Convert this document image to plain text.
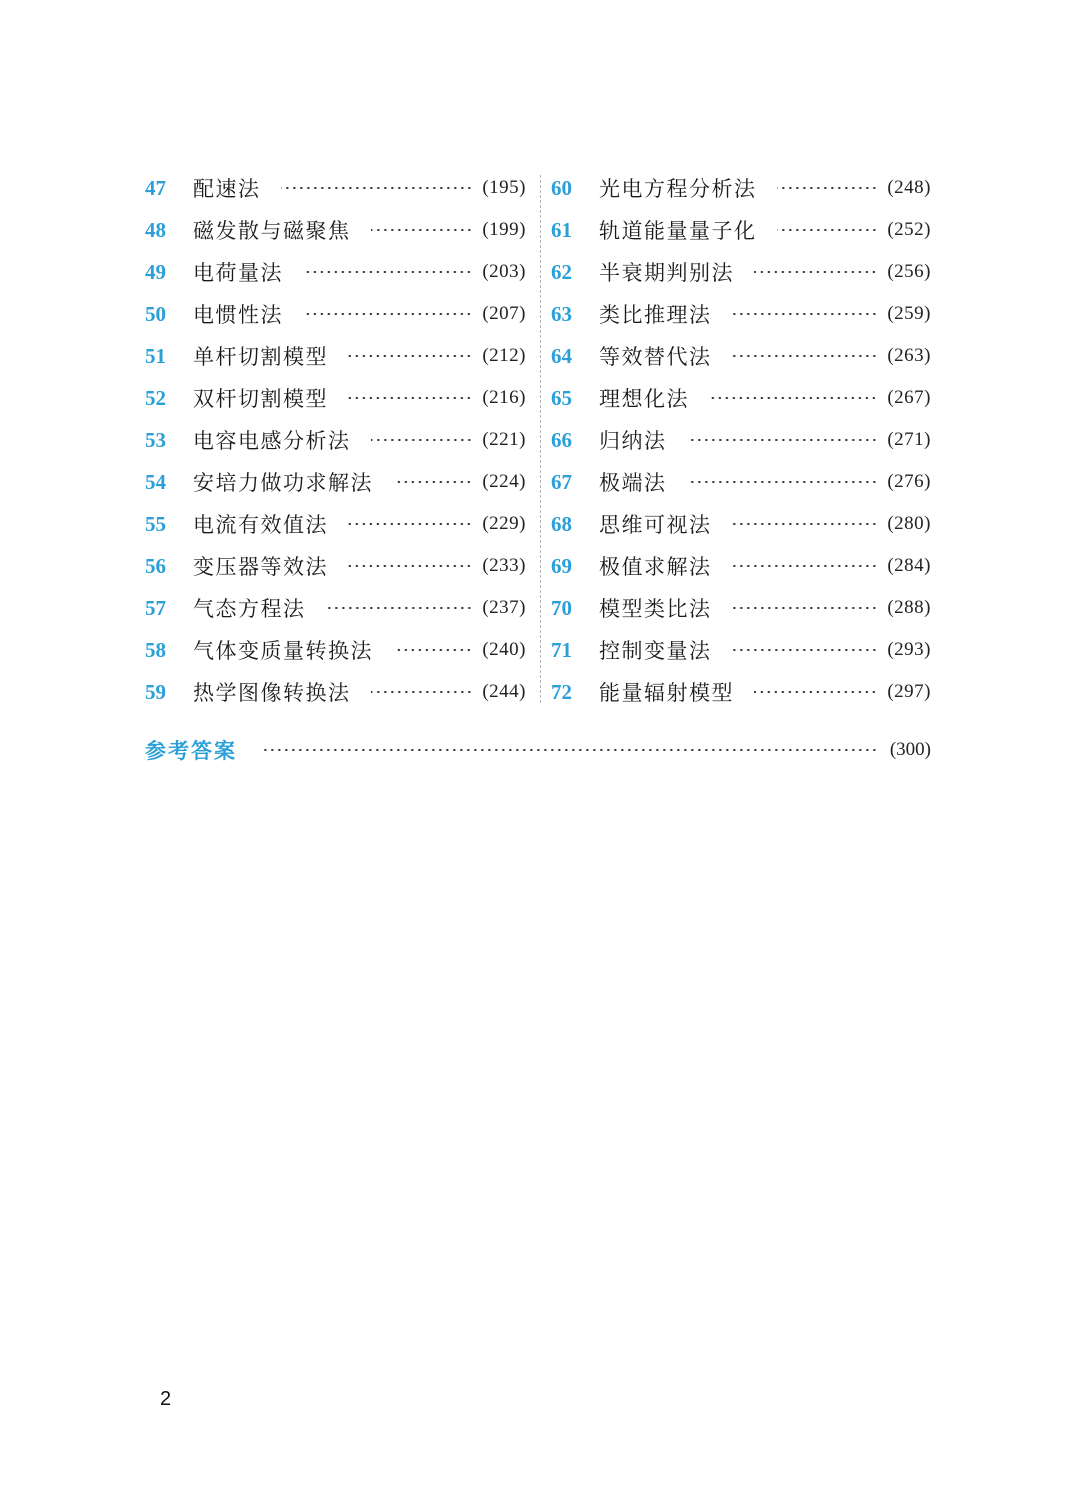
47	配速法	(195)
48	磁发散与磁聚焦	(199)
49	电荷量法	(203)
50	电惯性法	(207)
51	单杆切割模型	(212)
52	双杆切割模型	(216)
53	电容电感分析法	(221)
54	安培力做功求解法	(224)
55	电流有效值法	(229)
56	变压器等效法	(233)
57	气态方程法	(237)
58	气体变质量转换法	(240)
59	热学图像转换法	(244)
60	光电方程分析法	(248)
61	轨道能量量子化	(252)
62	半衰期判别法	(256)
63	类比推理法	(259)
64	等效替代法	(263)
65	理想化法	(267)
66	归纳法	(271)
67	极端法	(276)
68	思维可视法	(280)
69	极值求解法	(284)
70	模型类比法	(288)
71	控制变量法	(293)
72	能量辐射模型	(297)
参考答案	(300)
2
